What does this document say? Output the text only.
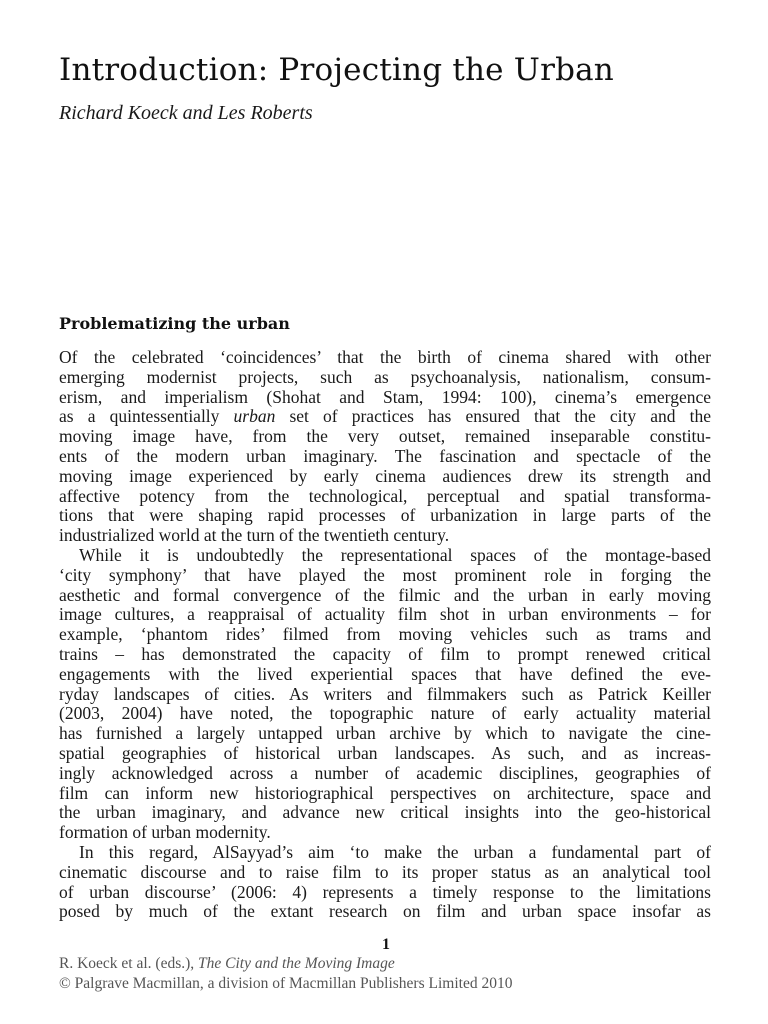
Introduction: Projecting the Urban

Richard Koeck and Les Roberts

Problematizing the urban

Of the celebrated ‘coincidences’ that the birth of cinema shared with other
emerging modernist projects, such as psychoanalysis, nationalism, consum-
erism, and imperialism (Shohat and Stam, 1994: 100), cinema’s emergence
as a quintessentially urban set of practices has ensured that the city and the
moving image have, from the very outset, remained inseparable constitu-
ents of the modern urban imaginary. The fascination and spectacle of the
moving image experienced by early cinema audiences drew its strength and
affective potency from the technological, perceptual and spatial transforma-
tions that were shaping rapid processes of urbanization in large parts of the
industrialized world at the turn of the twentieth century.

While it is undoubtedly the representational spaces of the montage-based
‘city symphony’ that have played the most prominent role in forging the
aesthetic and formal convergence of the filmic and the urban in early moving
image cultures, a reappraisal of actuality film shot in urban environments – for
example, ‘phantom rides’ filmed from moving vehicles such as trams and
trains – has demonstrated the capacity of film to prompt renewed critical
engagements with the lived experiential spaces that have defined the eve-
ryday landscapes of cities. As writers and filmmakers such as Patrick Keiller
(2003, 2004) have noted, the topographic nature of early actuality material
has furnished a largely untapped urban archive by which to navigate the cine-
spatial geographies of historical urban landscapes. As such, and as increas-
ingly acknowledged across a number of academic disciplines, geographies of
film can inform new historiographical perspectives on architecture, space and
the urban imaginary, and advance new critical insights into the geo-historical
formation of urban modernity.

In this regard, AlSayyad’s aim ‘to make the urban a fundamental part of
cinematic discourse and to raise film to its proper status as an analytical tool
of urban discourse’ (2006: 4) represents a timely response to the limitations
posed by much of the extant research on film and urban space insofar as

1

R. Koeck et al. (eds.), The City and the Moving Image

© Palgrave Macmillan, a division of Macmillan Publishers Limited 2010
